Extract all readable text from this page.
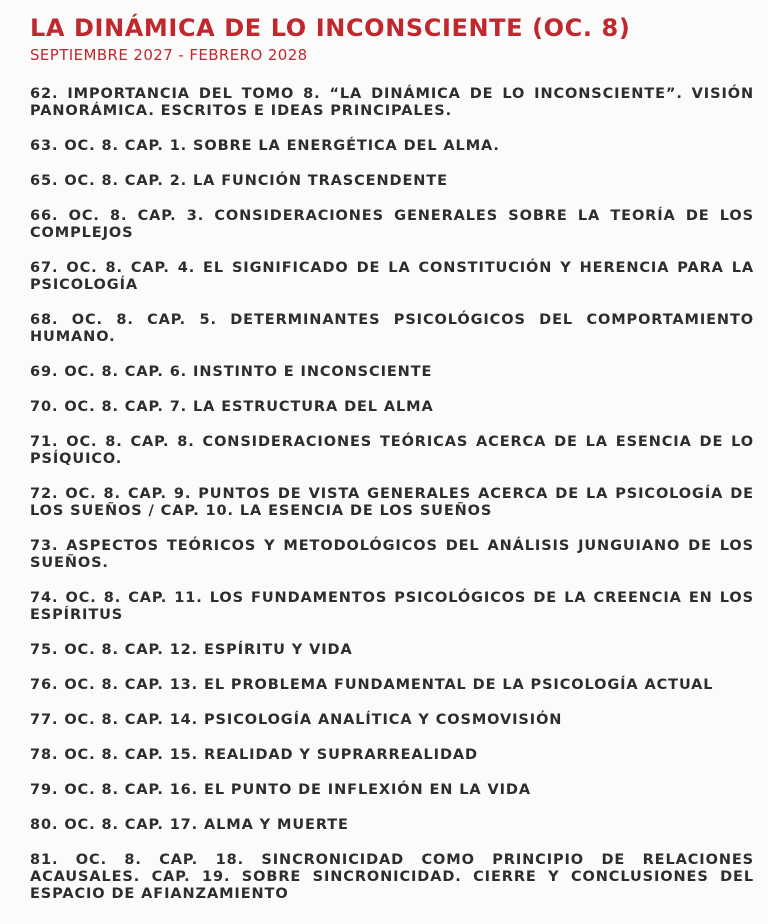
LA DINÁMICA DE LO INCONSCIENTE (OC. 8)
SEPTIEMBRE 2027 - FEBRERO 2028
62. IMPORTANCIA DEL TOMO 8. “LA DINÁMICA DE LO INCONSCIENTE”. VISIÓN PANORÁMICA. ESCRITOS E IDEAS PRINCIPALES.
63. OC. 8. CAP. 1. SOBRE LA ENERGÉTICA DEL ALMA.
65. OC. 8. CAP. 2. LA FUNCIÓN TRASCENDENTE
66. OC. 8. CAP. 3. CONSIDERACIONES GENERALES SOBRE LA TEORÍA DE LOS COMPLEJOS
67. OC. 8. CAP. 4. EL SIGNIFICADO DE LA CONSTITUCIÓN Y HERENCIA PARA LA PSICOLOGÍA
68. OC. 8. CAP. 5. DETERMINANTES PSICOLÓGICOS DEL COMPORTAMIENTO HUMANO.
69. OC. 8. CAP. 6. INSTINTO E INCONSCIENTE
70. OC. 8. CAP. 7. LA ESTRUCTURA DEL ALMA
71. OC. 8. CAP. 8. CONSIDERACIONES TEÓRICAS ACERCA DE LA ESENCIA DE LO PSÍQUICO.
72. OC. 8. CAP. 9. PUNTOS DE VISTA GENERALES ACERCA DE LA PSICOLOGÍA DE LOS SUEÑOS / CAP. 10. LA ESENCIA DE LOS SUEÑOS
73. ASPECTOS TEÓRICOS Y METODOLÓGICOS DEL ANÁLISIS JUNGUIANO DE LOS SUEÑOS.
74. OC. 8. CAP. 11. LOS FUNDAMENTOS PSICOLÓGICOS DE LA CREENCIA EN LOS ESPÍRITUS
75. OC. 8. CAP. 12. ESPÍRITU Y VIDA
76. OC. 8. CAP. 13. EL PROBLEMA FUNDAMENTAL DE LA PSICOLOGÍA ACTUAL
77. OC. 8. CAP. 14. PSICOLOGÍA ANALÍTICA Y COSMOVISIÓN
78. OC. 8. CAP. 15. REALIDAD Y SUPRARREALIDAD
79. OC. 8. CAP. 16. EL PUNTO DE INFLEXIÓN EN LA VIDA
80. OC. 8. CAP. 17. ALMA Y MUERTE
81. OC. 8. CAP. 18. SINCRONICIDAD COMO PRINCIPIO DE RELACIONES ACAUSALES. CAP. 19. SOBRE SINCRONICIDAD. CIERRE Y CONCLUSIONES DEL ESPACIO DE AFIANZAMIENTO
